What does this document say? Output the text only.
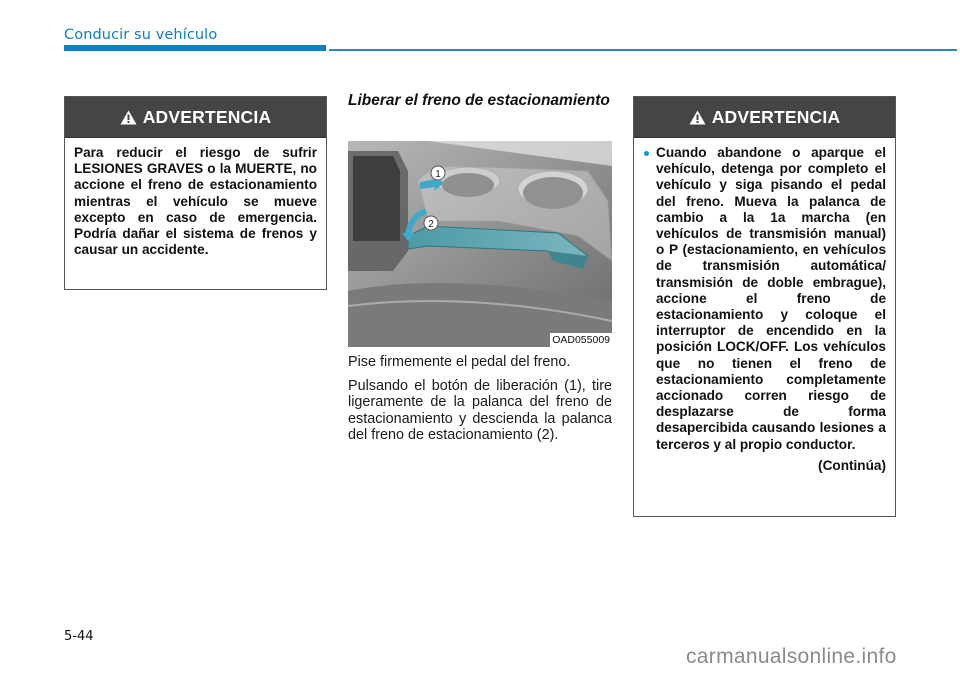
Conducir su vehículo
ADVERTENCIA
Para reducir el riesgo de sufrir LESIONES GRAVES o la MUERTE, no accione el freno de estacionamiento mientras el vehículo se mueve excepto en caso de emergencia. Podría dañar el sistema de frenos y causar un accidente.
Liberar el freno de estacionamiento
1
2
OAD055009
Pise firmemente el pedal del freno.
Pulsando el botón de liberación (1), tire ligeramente de la palanca del freno de estacionamiento y descienda la palanca del freno de estacionamiento (2).
ADVERTENCIA
Cuando abandone o aparque el vehículo, detenga por completo el vehículo y siga pisando el pedal del freno. Mueva la palanca de cambio a la 1a marcha (en vehículos de transmisión manual) o P (estacionamiento, en vehículos de transmisión automática/ transmisión de doble embrague), accione el freno de estacionamiento y coloque el interruptor de encendido en la posición LOCK/OFF. Los vehículos que no tienen el freno de estacionamiento completamente accionado corren riesgo de desplazarse de forma desapercibida causando lesiones a terceros y al propio conductor.
(Continúa)
5-44
carmanualsonline.info
